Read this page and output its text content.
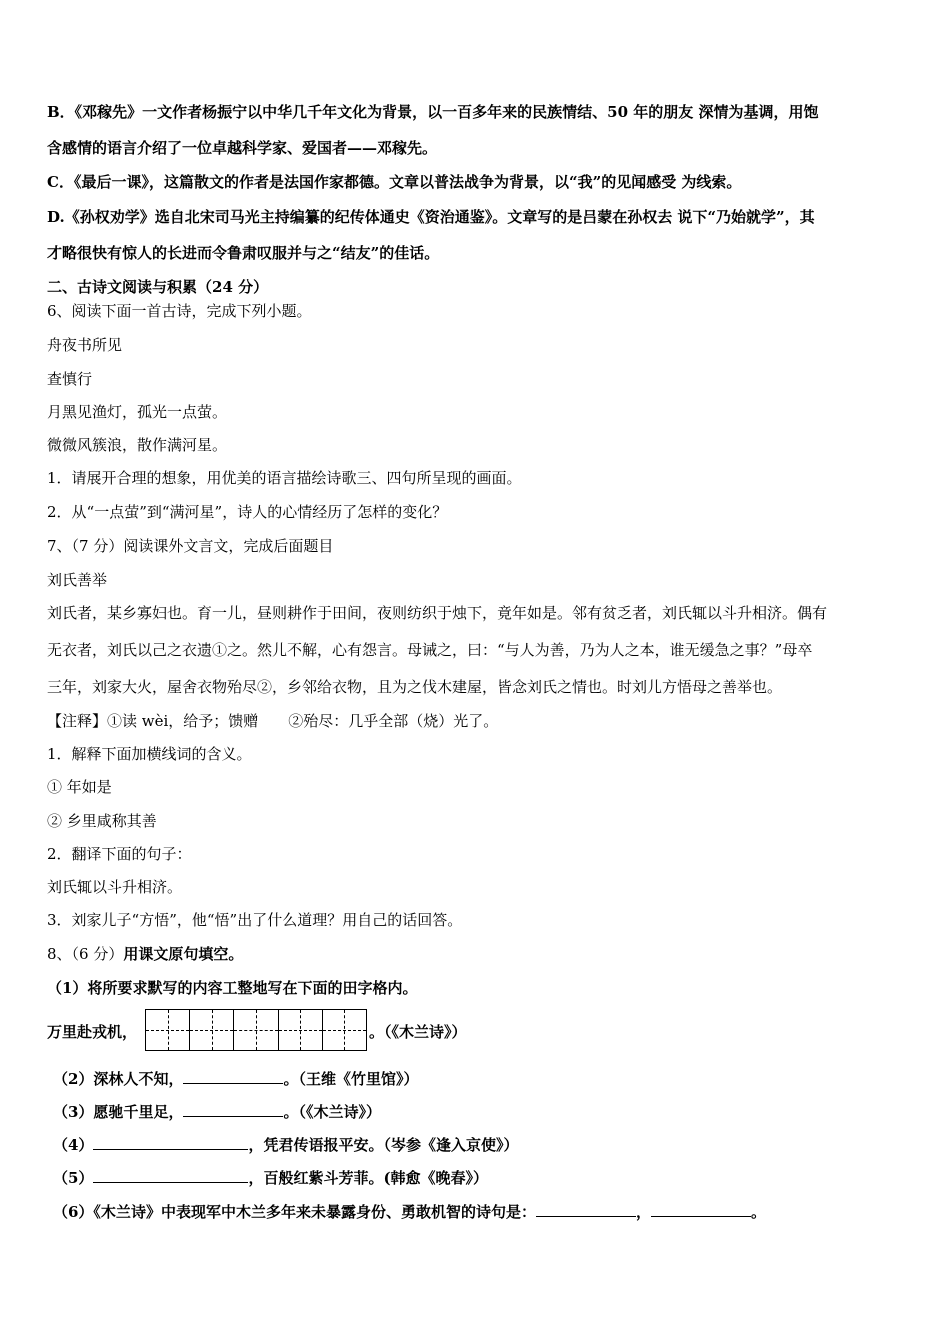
B．《邓稼先》一文作者杨振宁以中华几千年文化为背景，以一百多年来的民族情结、50 年的朋友 深情为基调，用饱
含感情的语言介绍了一位卓越科学家、爱国者——邓稼先。
C．《最后一课》，这篇散文的作者是法国作家都德。文章以普法战争为背景，以“我”的见闻感受 为线索。
D.《孙权劝学》选自北宋司马光主持编纂的纪传体通史《资治通鉴》。文章写的是吕蒙在孙权去 说下“乃始就学”，其
才略很快有惊人的长进而令鲁肃叹服并与之“结友”的佳话。
二、古诗文阅读与积累（24 分）
6、阅读下面一首古诗，完成下列小题。
舟夜书所见
查慎行
月黑见渔灯，孤光一点萤。
微微风簇浪，散作满河星。
1．请展开合理的想象，用优美的语言描绘诗歌三、四句所呈现的画面。
2．从“一点萤”到“满河星”，诗人的心情经历了怎样的变化？
7、（7 分）阅读课外文言文，完成后面题目
刘氏善举
刘氏者，某乡寡妇也。育一儿，昼则耕作于田间，夜则纺织于烛下，竟年如是。邻有贫乏者，刘氏辄以斗升相济。偶有
无衣者，刘氏以己之衣遗①之。然儿不解，心有怨言。母诫之，曰：“与人为善，乃为人之本，谁无缓急之事？”母卒
三年，刘家大火，屋舍衣物殆尽②，乡邻给衣物，且为之伐木建屋，皆念刘氏之情也。时刘儿方悟母之善举也。
【注释】①读 wèi，给予；馈赠　　②殆尽：几乎全部（烧）光了。
1．解释下面加横线词的含义。
① 年如是
② 乡里咸称其善
2．翻译下面的句子：
刘氏辄以斗升相济。
3．刘家儿子“方悟”，他“悟”出了什么道理？用自己的话回答。
8、（6 分）用课文原句填空。
（1）将所要求默写的内容工整地写在下面的田字格内。
万里赴戎机，	。（《木兰诗》）
（2）深林人不知，	。（王维《竹里馆》）
（3）愿驰千里足，	。（《木兰诗》）
（4）	，凭君传语报平安。（岑参《逢入京使》）
（5）	，百般红紫斗芳菲。(韩愈《晚春》）
（6）《木兰诗》中表现军中木兰多年来未暴露身份、勇敢机智的诗句是：	，	。
